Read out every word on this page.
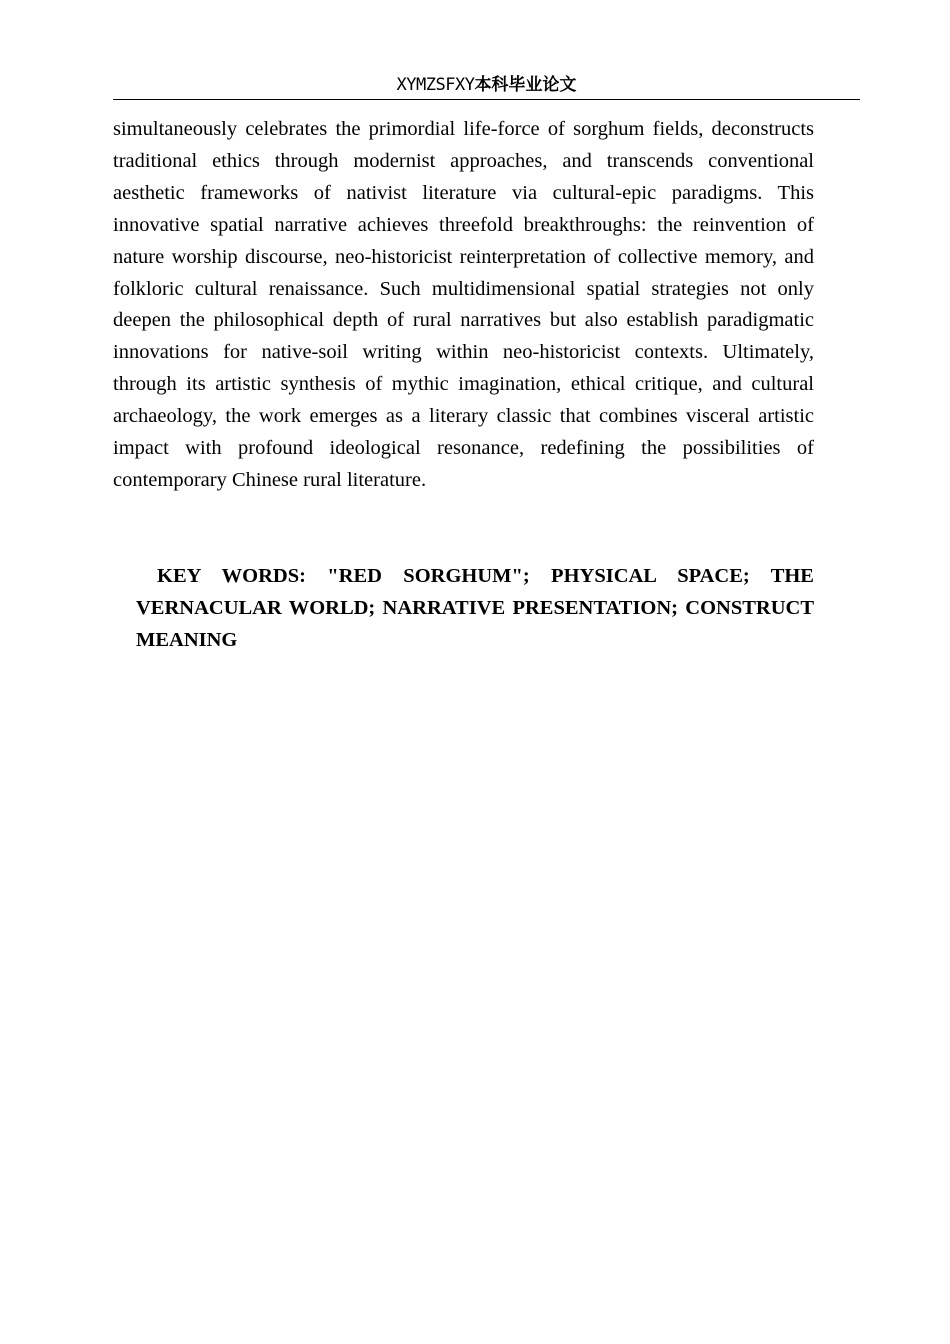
XYMZSFXY本科毕业论文

simultaneously celebrates the primordial life-force of sorghum fields, deconstructs traditional ethics through modernist approaches, and transcends conventional aesthetic frameworks of nativist literature via cultural-epic paradigms. This innovative spatial narrative achieves threefold breakthroughs: the reinvention of nature worship discourse, neo-historicist reinterpretation of collective memory, and folkloric cultural renaissance. Such multidimensional spatial strategies not only deepen the philosophical depth of rural narratives but also establish paradigmatic innovations for native-soil writing within neo-historicist contexts. Ultimately, through its artistic synthesis of mythic imagination, ethical critique, and cultural archaeology, the work emerges as a literary classic that combines visceral artistic impact with profound ideological resonance, redefining the possibilities of contemporary Chinese rural literature.

KEY WORDS: "RED SORGHUM"; PHYSICAL SPACE; THE VERNACULAR WORLD; NARRATIVE PRESENTATION; CONSTRUCT MEANING
